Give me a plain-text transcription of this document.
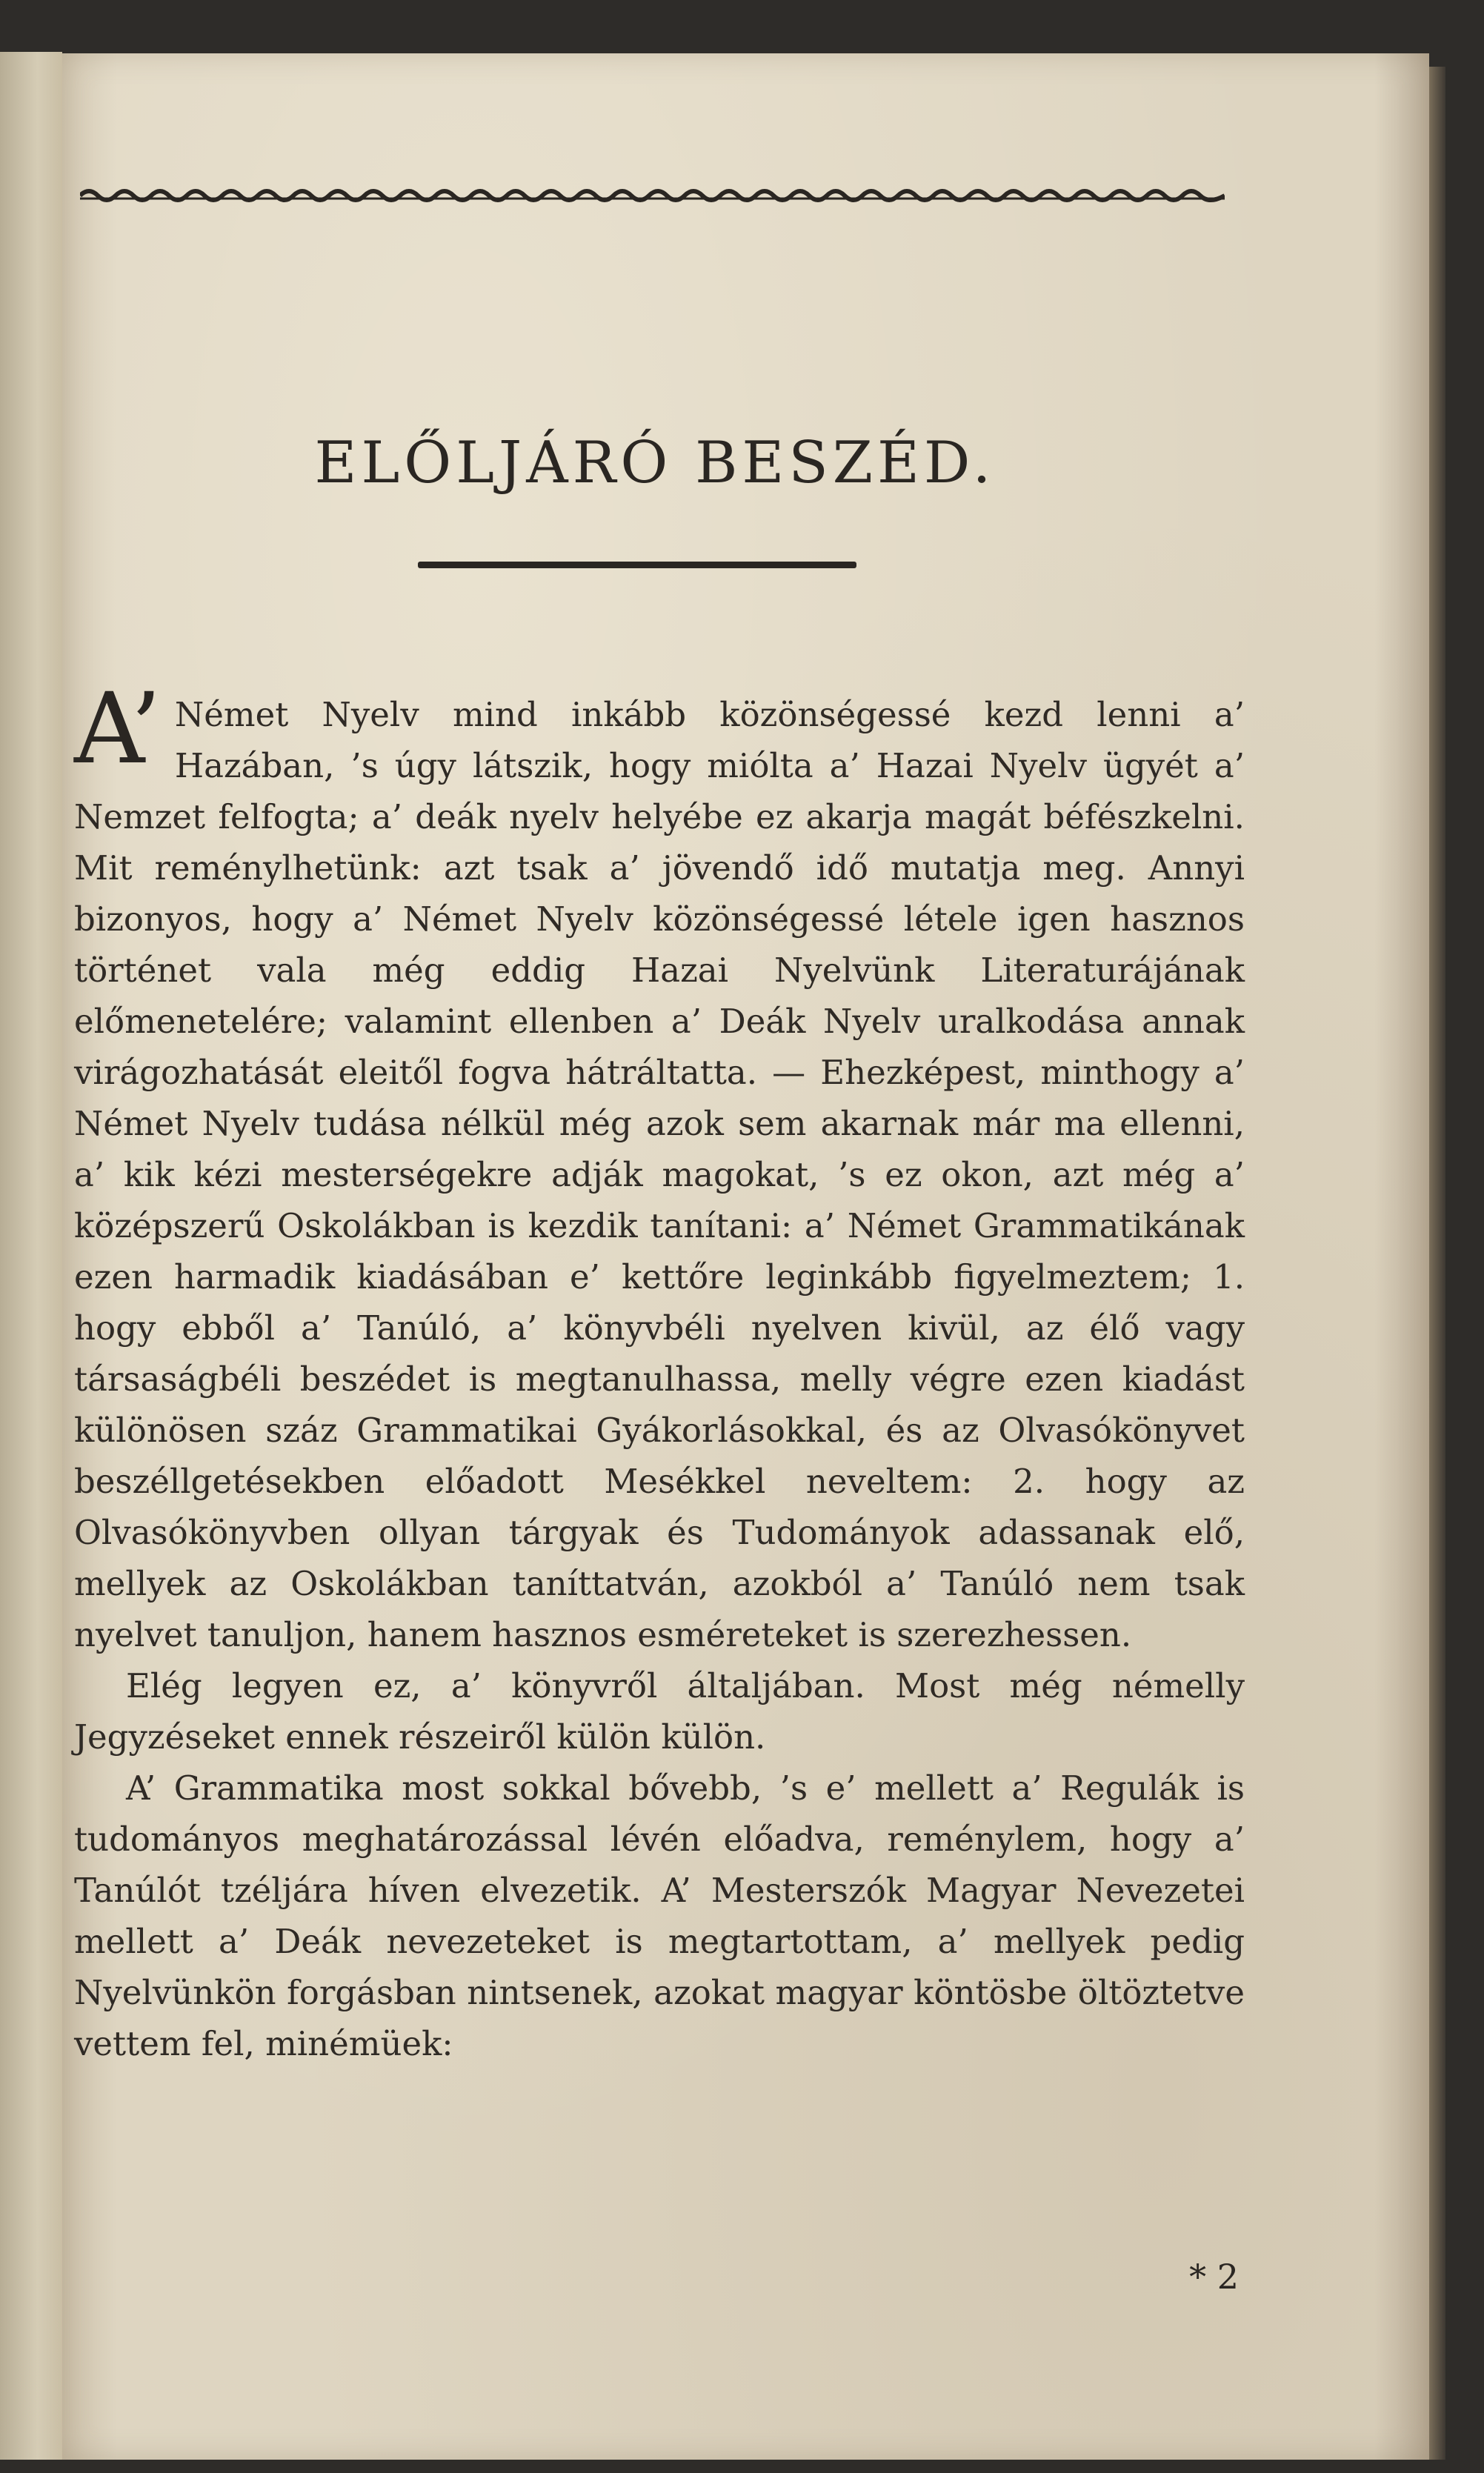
ELŐLJÁRÓ BESZÉD.

A’ Német Nyelv mind inkább közönségessé kezd lenni a’ Hazában, ’s úgy látszik, hogy miólta a’ Hazai Nyelv ügyét a’ Nemzet felfogta; a’ deák nyelv helyébe ez akarja magát béfészkelni. Mit reménylhetünk: azt tsak a’ jövendő idő mutatja meg. Annyi bizonyos, hogy a’ Német Nyelv közönségessé létele igen hasznos történet vala még eddig Hazai Nyelvünk Literaturájának előmenetelére; valamint ellenben a’ Deák Nyelv uralkodása annak virágozhatását eleitől fogva hátráltatta. — Ehezképest, minthogy a’ Német Nyelv tudása nélkül még azok sem akarnak már ma ellenni, a’ kik kézi mesterségekre adják magokat, ’s ez okon, azt még a’ középszerű Oskolákban is kezdik tanítani: a’ Német Grammatikának ezen harmadik kiadásában e’ kettőre leginkább figyelmeztem; 1. hogy ebből a’ Tanúló, a’ könyvbéli nyelven kivül, az élő vagy társaságbéli beszédet is megtanulhassa, melly végre ezen kiadást különösen száz Grammatikai Gyákorlásokkal, és az Olvasókönyvet beszéllgetésekben előadott Mesékkel neveltem: 2. hogy az Olvasókönyvben ollyan tárgyak és Tudományok adassanak elő, mellyek az Oskolákban taníttatván, azokból a’ Tanúló nem tsak nyelvet tanuljon, hanem hasznos esméreteket is szerezhessen.

Elég legyen ez, a’ könyvről általjában. Most még némelly Jegyzéseket ennek részeiről külön külön.

A’ Grammatika most sokkal bővebb, ’s e’ mellett a’ Regulák is tudományos meghatározással lévén előadva, reménylem, hogy a’ Tanúlót tzéljára híven elvezetik. A’ Mesterszók Magyar Nevezetei mellett a’ Deák nevezeteket is megtartottam, a’ mellyek pedig Nyelvünkön forgásban nintsenek, azokat magyar köntösbe öltöztetve vettem fel, minémüek:

* 2
